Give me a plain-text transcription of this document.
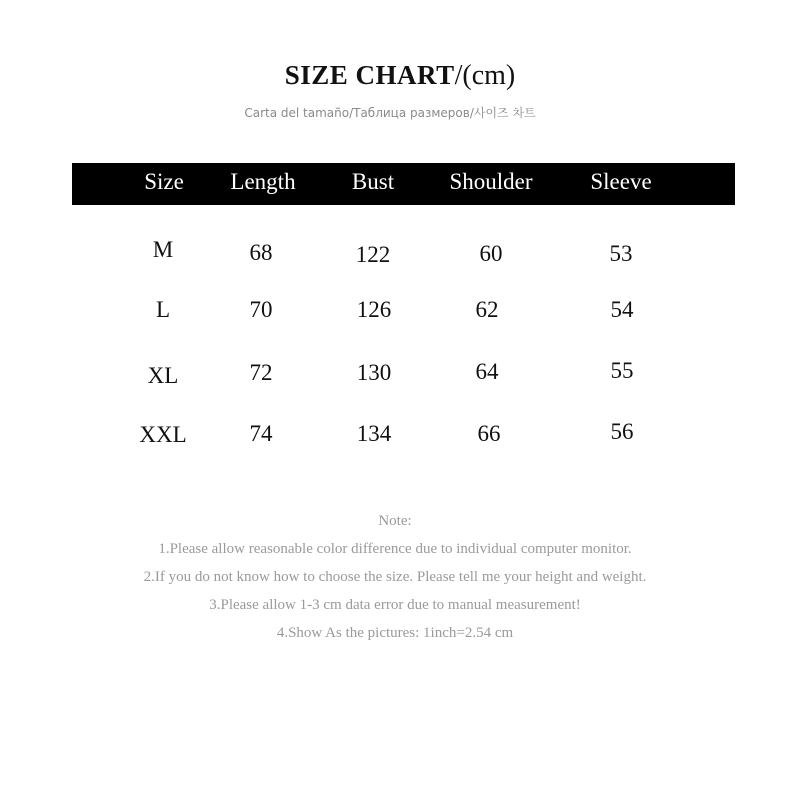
SIZE CHART/(cm)
Carta del tamaño/Таблица размеров/사이즈 차트
Size Length Bust Shoulder	Sleeve
M	68	122	60	53
L	70	126	62	54
XL	72	130	64	55
XXL	74	134	66	56
Note:
1.Please allow reasonable color difference due to individual computer monitor.
2.If you do not know how to choose the size. Please tell me your height and weight.
3.Please allow 1-3 cm data error due to manual measurement!
4.Show As the pictures: 1inch=2.54 cm
